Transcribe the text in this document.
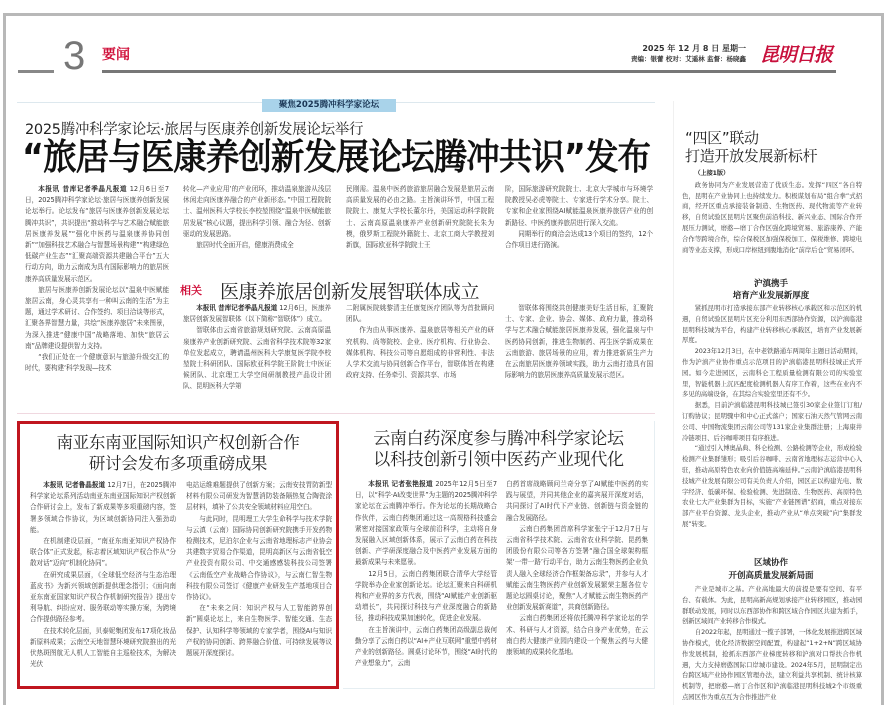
3 要闻	2025 年 12 月 8 日 星期一
责编：银蕾 校对：艾遥林 监督：杨晓鑫 昆明日报
聚焦2025腾冲科学家论坛
2025腾冲科学家论坛·旅居与医康养创新发展论坛举行
“旅居与医康养创新发展论坛腾冲共识”发布

本报讯 昔库记者季晶凡报道 12月6日至7日，2025腾冲科学家论坛·旅居与医康养创新发展论坛举行。论坛发布“旅居与医康养创新发展论坛腾冲共识”，共识提出“推动科学与艺术融合赋能旅居医康养发展”“强化中医药与温泉康养协同创新”“加强科技艺术融合与智慧场景构建”“构建绿色低碳产业生态”“汇聚高端资源共建融合平台”五大行动方向，助力云南成为具有国际影响力的旅居医康养高质量发展示范区。

旅居与医康养创新发展论坛以“温泉中医赋能旅居云南，身心灵共享有一种叫云南的生活”为主题，通过学术研讨、合作签约、项目洽谈等形式，汇聚各界智慧力量，共绘“医康养旅居”未来图景，为深入推进“健康中国”战略落地、加快“旅居云南”品牌建设提供智力支持。

“我们正处在一个健康意识与旅游升级交汇的时代，要构建‘科学发现—技术

转化—产业应用’的产业闭环，推动温泉旅游从浅层休闲走向医康养融合的产业新形态。”中国工程院院士、温州医科大学校长李校堃围绕“温泉中医赋能旅居发展”核心议题，提出科学引领、融合为径、创新驱动的发展思路。

旅居时代全面开启，健康消费成全

民刚需。温泉中医药旅游旅居融合发展是旅居云南高质量发展的必由之路。主旨演讲环节，中国工程院院士、康复大学校长董尔丹，美国运动科学院院士、云南高原温泉康养产业创新研究院院长朱为模，俄罗斯工程院外籍院士、北京工商大学教授刘新旗，国际欧亚科学院院士王

阶，国际旅游研究院院士、北京大学城市与环境学院教授吴必虎等院士、专家进行学术分享。院士、专家和企业家围绕AI赋能温泉医康养旅居产业的创新路径、中医药康养旅居进行深入交流。

同期举行的商洽会达成13个项目的签约，12个合作项目进行路演。

相关 医康养旅居创新发展智联体成立

本报讯 昔库记者季晶凡报道 12月6日，医康养旅居创新发展智联体（以下简称“智联体”）成立。

智联体由云南省旅游规划研究院、云南高原温泉康养产业创新研究院、云南省科学技术院等32家单位发起成立，聘请温州医科大学康复医学院李校堃院士科研团队、国际欧亚科学院王阶院士中医证候团队、北京理工大学空间研制教授产品设计团队、昆明医科大学第

二附属医院姚黎清主任康复医疗团队等为首批顾问团队。

作为由从事医康养、温泉旅居等相关产业的研究机构、尚等院校、企业、医疗机构、行业协会、媒体机构、科技公司等自愿组成的非营利性、非法人学术交流与协同创新合作平台，智联体旨在构建政府支持、任务牵引、资源共享、市场

智联体将围绕共创健康美好生活目标，汇聚院士、专家、企业、协会、媒体、政府力量，推动科学与艺术融合赋能旅居医康养发展，强化温泉与中医药协同创新，推进生物制药、再生医学新成果在云南旅游、旅居场景的应用，着力推进新质生产力在云南旅居医康养领域实践，助力云南打造具有国际影响力的旅居医康养高质量发展示范区。

南亚东南亚国际知识产权创新合作
研讨会发布多项重磅成果

本报讯 记者鲁晶报道 12月7日，在2025腾冲科学家论坛系列活动南亚东南亚国际知识产权创新合作研讨会上，发布了新成果等多项重磅内容，签署多领域合作协议，为区域创新协同注入强劲动能。

在机制建设层面，“南亚东南亚知识产权协作联合体”正式发起，标志着区域知识产权合作从“分散对话”迈向“机制化协同”。

在研究成果层面，《全球低空经济与生态治理蓝皮书》为新兴领域创新提供理念指引；《面向南亚东南亚国家知识产权合作机制研究报告》提出专利导航、纠纷应对、服务联动等实操方案，为跨境合作提供路径参考。

在技术转化层面，贝泰妮集团发布17项化妆品新原料成果；云南空天地智慧环境研究院推出的光伏热斑图航无人机人工智能自主巡检技术，为解决光伏

电站运维难题提供了创新方案；云南安技胃防新型材料有限公司研发为智慧消防装备隔热复合陶瓷涂层材料，填补了公共安全领域材料应用空白。

与此同时，昆明理工大学生命科学与技术学院与云滇（云南）国际协同创新研究院携手开发药物检测技术，尼泊尔企业与云南省地理标志产业协会共建数字贸易合作渠道，昆明高新区与云南省低空产业投资有限公司、中交通感感装科技公司签署《云南低空产业战略合作协议》，与云南仁智生物科技有限公司签订《健康产业研发生产基地项目合作协议》。

在“未来之问：知识产权与人工智能跨界创新”圆桌论坛上，来自生物医学、智能交通、生态保护、认知科学等领域的专家学者，围绕AI与知识产权的协同创新、跨界融合价值、可持续发展等议题展开深度探讨。

云南白药深度参与腾冲科学家论坛
以科技创新引领中医药产业现代化

本报讯 记者张艳报道 2025年12月5日至7日，以“科学·AI改变世界”为主题的2025腾冲科学家论坛在云南腾冲举行。作为论坛的长期战略合作伙伴，云南白药集团通过这一高规格科技盛会紧密对接国家政策与全球前沿科学，主动将自身发展融入区域创新体系，展示了云南白药在科技创新、产学研深度融合及中医药产业发展方面的最新成果与未来愿景。

12月5日，云南白药集团联合清华大学经管学院举办企业家创新论坛。论坛汇聚来自科研机构和产业界的多方代表，围绕“AI赋能产业创新驱动增长”，共同探讨科技与产业深度融合的新路径，推动科技成果加速转化，促进企业发展。

在主旨演讲中，云南白药集团高级副总裁何勤分享了云南白药以“AI+产业互联网”重塑中药材产业的创新路径。圆桌讨论环节，围绕“AI时代的产业想象力”，云南

白药首席战略顾问兰奇分享了AI赋能中医药的实践与展望，并同其他企业的嘉宾展开深度对话，共同探讨了AI时代下产业链、创新链与资金链的融合发展路径。

云南白药集团首席科学家张宁于12月7日与云南省科学技术院、云南省农业科学院、昆药集团股份有限公司等各方签署“融合国全球架构框架‘一带一路’行动平台，助力云南生物医药企业负责人融入全球经济合作框架备忘录”，并参与人才赋能云南生物医药产业创新发展繁荣主题各位专题论坛圆桌讨论，聚焦“人才赋能云南生物医药产业创新发展新赛道”，共商创新路径。

云南白药集团还将依托腾冲科学家论坛的学术、科研与人才资源，结合自身产业优势，在云南白药大健康产业园内建设一个聚焦云药与大健康领域的成果转化基地。

“四区”联动
打造开放发展新标杆

（上接1版）

政务协同为产业发展营造了优质生态。发挥“四区”各自特色，昆明在产业协同上也持续发力。积极谋划布局“组合拳”式招商，经开区重点承接装备制造、生物医药、现代物流等产业转移，自贸试验区昆明片区聚焦前沿科技、新兴业态、国际合作开展压力测试，磨憨—磨丁合作区强化跨境贸易、旅游康养、产能合作等跨境合作，综合保税区加强保税加工、保税维修、跨境电商等业态支撑，形成口岸枢纽到腹地消化“前岸后仓”贸易闭环。

沪滇携手
培育产业发展新厚度

紧抓昆明市打造承接东部产业转移核心承载区和示范区的机遇，自贸试验区昆明片区充分利用东西部协作资源，以沪滇临港昆明科技城为平台，构建产业转移核心承载区，培育产业发展新厚度。

2023年12月3日，在中老铁路通车两周年主题日活动期间，作为沪滇产业协作重点示范项目的沪滇临港昆明科技城正式开园。如今走进园区，云南科仑工程质量检测有限公司的实验室里，智能机器上沉匹配度检测机器人有序工作着，这些在业内不多见的高端设备，在其综合实验室里还有不少。

据悉，目前沪滇临港昆明科技城已签引30家企业签订订租/订购协议；昆明骤中和中心正式落户；国家石油天然气管网云南公司、中国物流集团云南公司等131家企业集群注册；上海康井冷链项目、后谷咖啡项目有序推进。

“通过引入博奥晶典、科仑检测、公路检测等企业，形成检验检测产业集群雏形；吸引后谷咖啡、云南省地理标志运营中心入驻，推动高原特色农业向价值链高端延伸。”云南沪滇临港昆明科技城产业发展有限公司有关负责人介绍，园区正以构建光电、数字经济、低碳环保、检验检测、先进制造、生物医药、高原特色农业七大产业集群为目标，实施“产业链图谱”招商，重点对接东部产业平台资源、龙头企业，推动产业从“单点突破”向“集群发展”转变。

区域协作
开创高质量发展新局面

产业是城市之基。产业高地最大的前提是要有空间、有平台、有载体。为此，昆明高新高规划承接产业转移园区，推动园群联动发展，同时以东西部协作和跨区域合作园区共建为抓手，创新区域间产业转移合作模式。

自2022年起，昆明通过一揽子部署，一体化发展推进跨区域协作模式，优化经济数据空间配置，构建起“1+2+N”跨区域协作发展机制，抢抓东西部产业梯度转移和沪滇对口帮扶合作机遇，大力支持磨憨国际口岸城市建设。2024年5月，昆明制定出台跨区域产业协作园区管理办法，建立利益共享机制、统计核算机制等，把磨憨—磨丁合作区和沪滇临港昆明科技城2个市级重点园区作为重点互为合作推进产业
